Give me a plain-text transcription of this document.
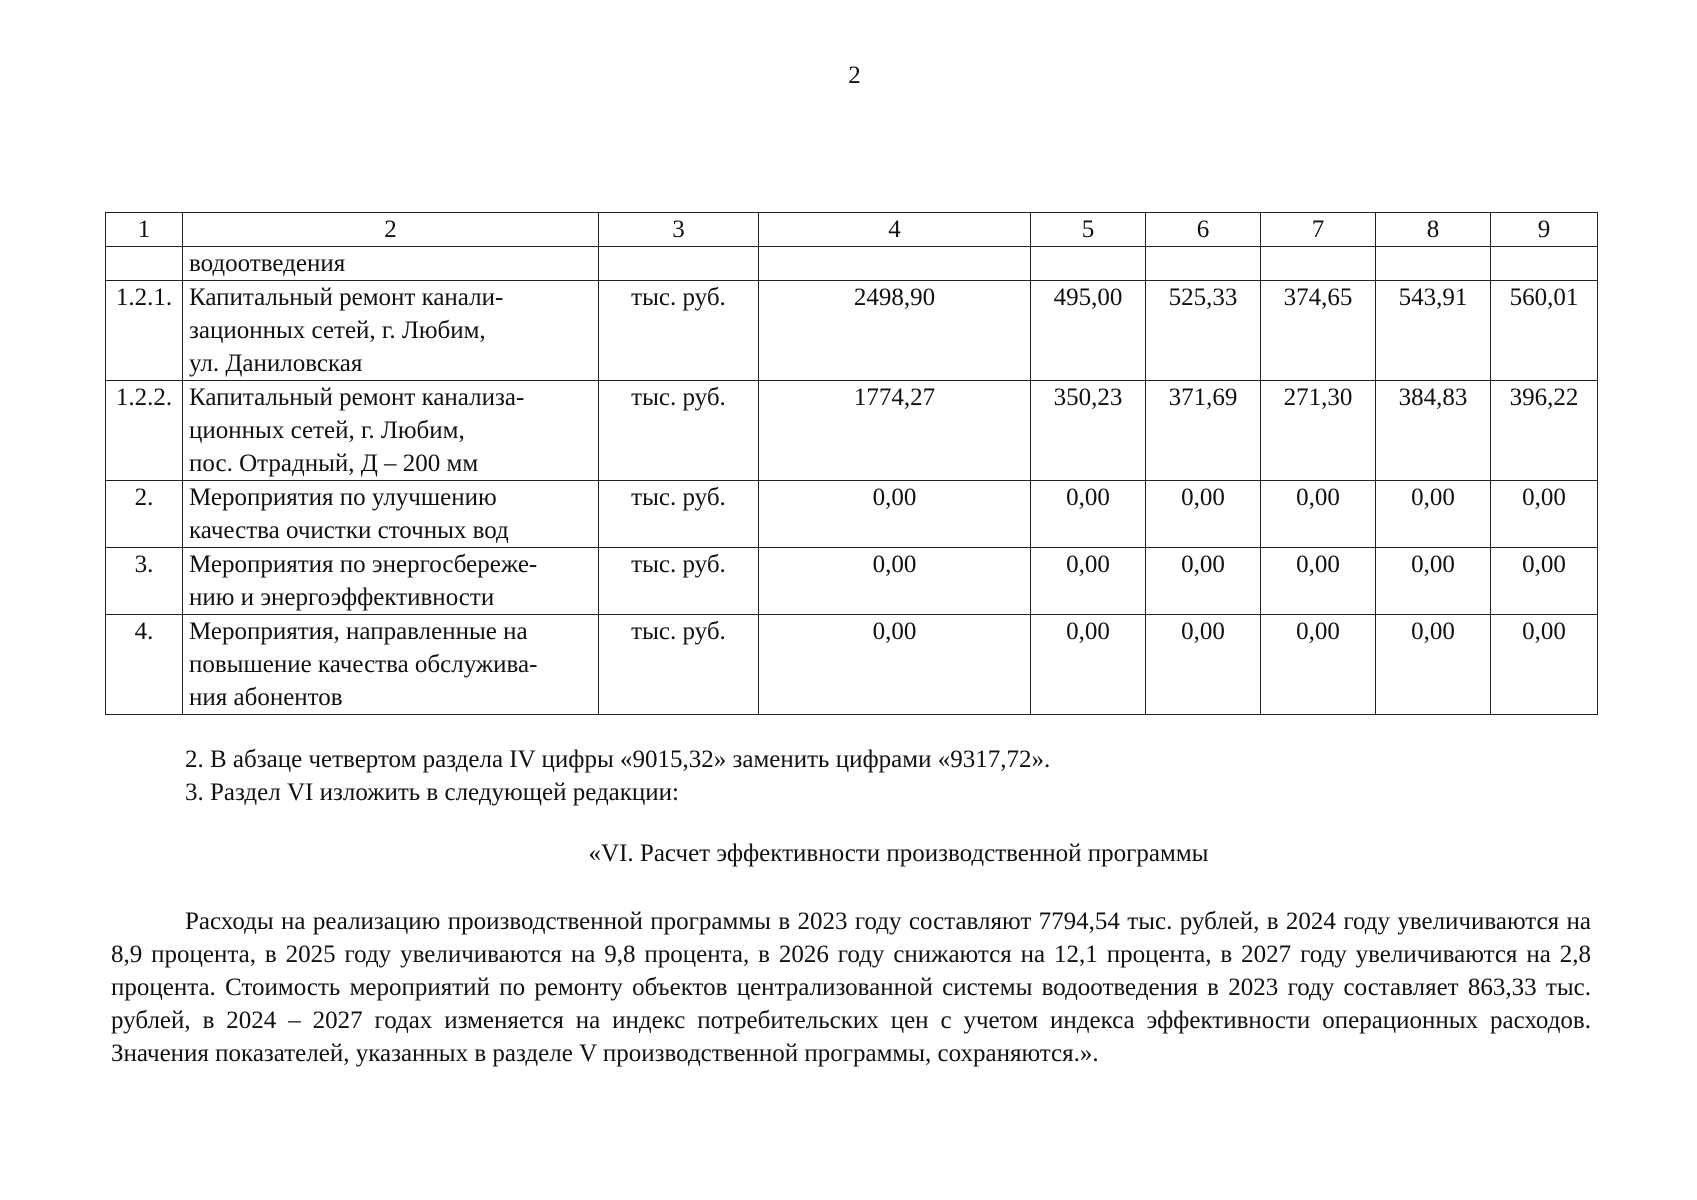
2
1	2	3	4	5	6	7	8	9
	водоотведения							
1.2.1.	Капитальный ремонт канали-
зационных сетей, г. Любим,
ул. Даниловская	тыс. руб.	2498,90	495,00	525,33	374,65	543,91	560,01
1.2.2.	Капитальный ремонт канализа-
ционных сетей, г. Любим,
пос. Отрадный, Д – 200 мм	тыс. руб.	1774,27	350,23	371,69	271,30	384,83	396,22
2.	Мероприятия по улучшению
качества очистки сточных вод	тыс. руб.	0,00	0,00	0,00	0,00	0,00	0,00
3.	Мероприятия по энергосбереже-
нию и энергоэффективности	тыс. руб.	0,00	0,00	0,00	0,00	0,00	0,00
4.	Мероприятия, направленные на
повышение качества обслужива-
ния абонентов	тыс. руб.	0,00	0,00	0,00	0,00	0,00	0,00
2. В абзаце четвертом раздела IV цифры «9015,32» заменить цифрами «9317,72».
3. Раздел VI изложить в следующей редакции:
«VI. Расчет эффективности производственной программы
Расходы на реализацию производственной программы в 2023 году составляют 7794,54 тыс. рублей, в 2024 году увеличиваются на 8,9 процента, в 2025 году увеличиваются на 9,8 процента, в 2026 году снижаются на 12,1 процента, в 2027 году увеличиваются на 2,8 процента. Стоимость мероприятий по ремонту объектов централизованной системы водоотведения в 2023 году составляет 863,33 тыс. рублей, в 2024 – 2027 годах изменяется на индекс потребительских цен с учетом индекса эффективности операционных расходов. Значения показателей, указанных в разделе V производственной программы, сохраняются.».
